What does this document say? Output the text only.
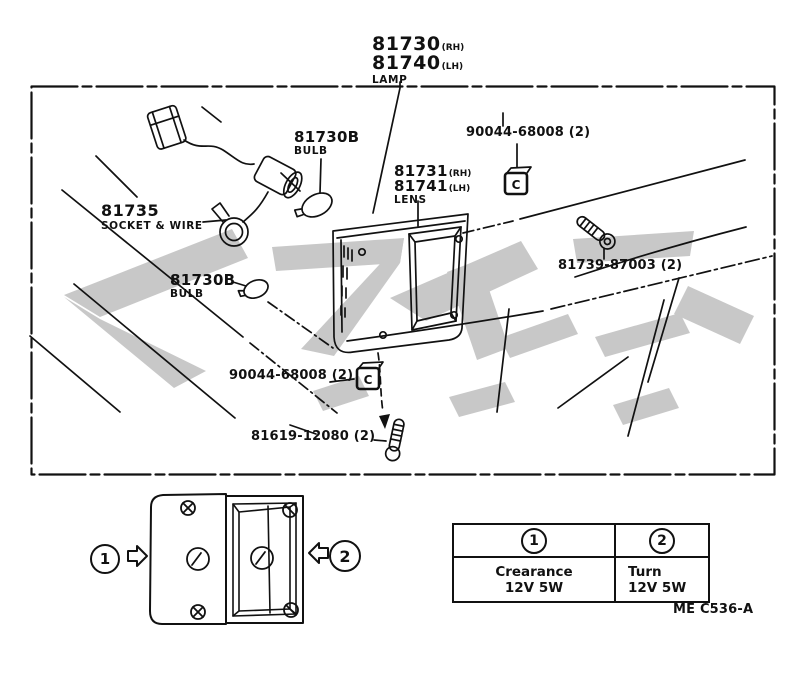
C
C
81730 (RH)
81740 (LH)
LAMP
81730B
BULB
90044-68008 (2)
81731 (RH)
81741 (LH)
LENS
81735
SOCKET & WIRE
81739-87003 (2)
81730B
BULB
90044-68008 (2)
81619-12080 (2)
1	2
1	2
Crearance
12V 5W
Turn
12V 5W
ME C536-A
